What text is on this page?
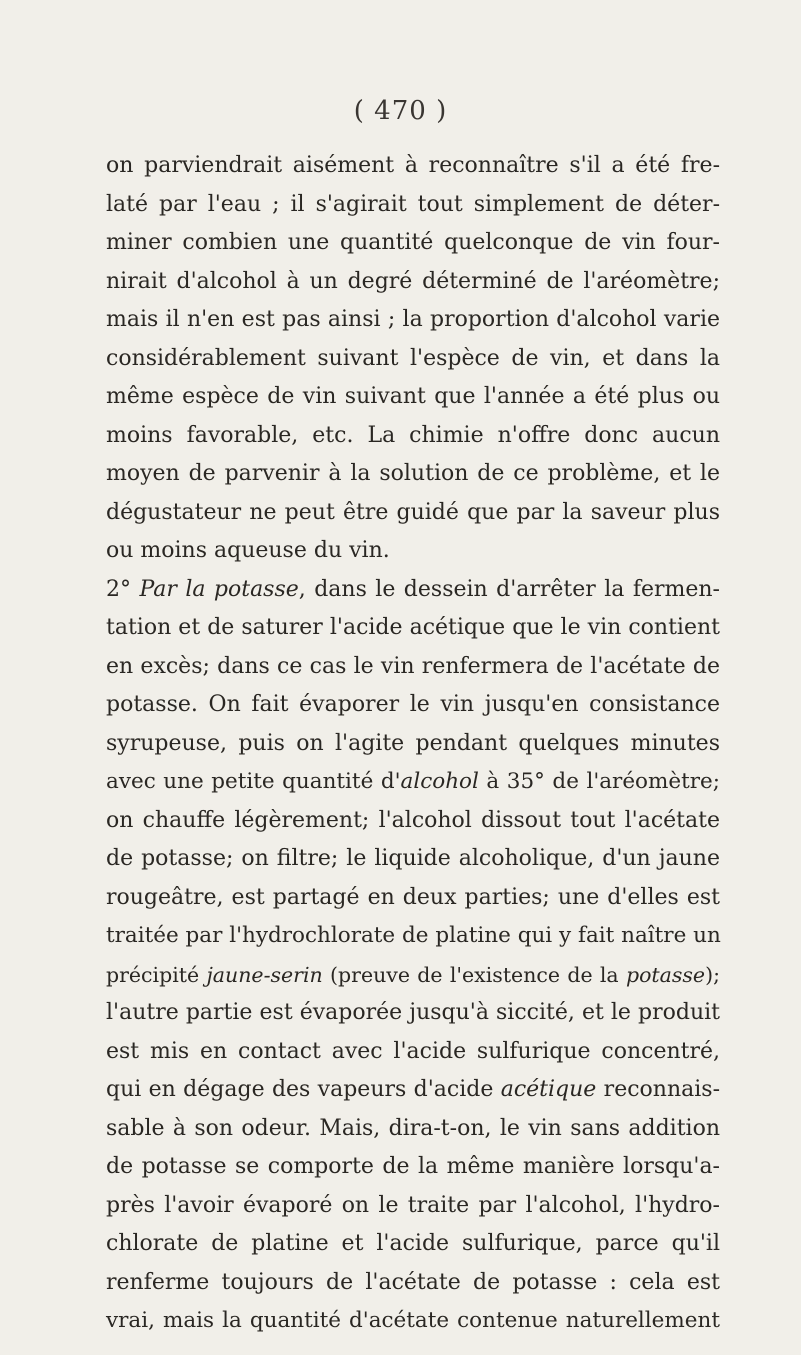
( 470 )
on parviendrait aisément à reconnaître s'il a été fre-
laté par l'eau ; il s'agirait tout simplement de déter-
miner combien une quantité quelconque de vin four-
nirait d'alcohol à un degré déterminé de l'aréomètre;
mais il n'en est pas ainsi ; la proportion d'alcohol varie
considérablement suivant l'espèce de vin, et dans la
même espèce de vin suivant que l'année a été plus ou
moins favorable, etc. La chimie n'offre donc aucun
moyen de parvenir à la solution de ce problème, et le
dégustateur ne peut être guidé que par la saveur plus
ou moins aqueuse du vin.
2° Par la potasse, dans le dessein d'arrêter la fermen-
tation et de saturer l'acide acétique que le vin contient
en excès; dans ce cas le vin renfermera de l'acétate de
potasse. On fait évaporer le vin jusqu'en consistance
syrupeuse, puis on l'agite pendant quelques minutes
avec une petite quantité d'alcohol à 35° de l'aréomètre;
on chauffe légèrement; l'alcohol dissout tout l'acétate
de potasse; on filtre; le liquide alcoholique, d'un jaune
rougeâtre, est partagé en deux parties; une d'elles est
traitée par l'hydrochlorate de platine qui y fait naître un
précipité jaune-serin (preuve de l'existence de la potasse);
l'autre partie est évaporée jusqu'à siccité, et le produit
est mis en contact avec l'acide sulfurique concentré,
qui en dégage des vapeurs d'acide acétique reconnais-
sable à son odeur. Mais, dira-t-on, le vin sans addition
de potasse se comporte de la même manière lorsqu'a-
près l'avoir évaporé on le traite par l'alcohol, l'hydro-
chlorate de platine et l'acide sulfurique, parce qu'il
renferme toujours de l'acétate de potasse : cela est
vrai, mais la quantité d'acétate contenue naturellement
